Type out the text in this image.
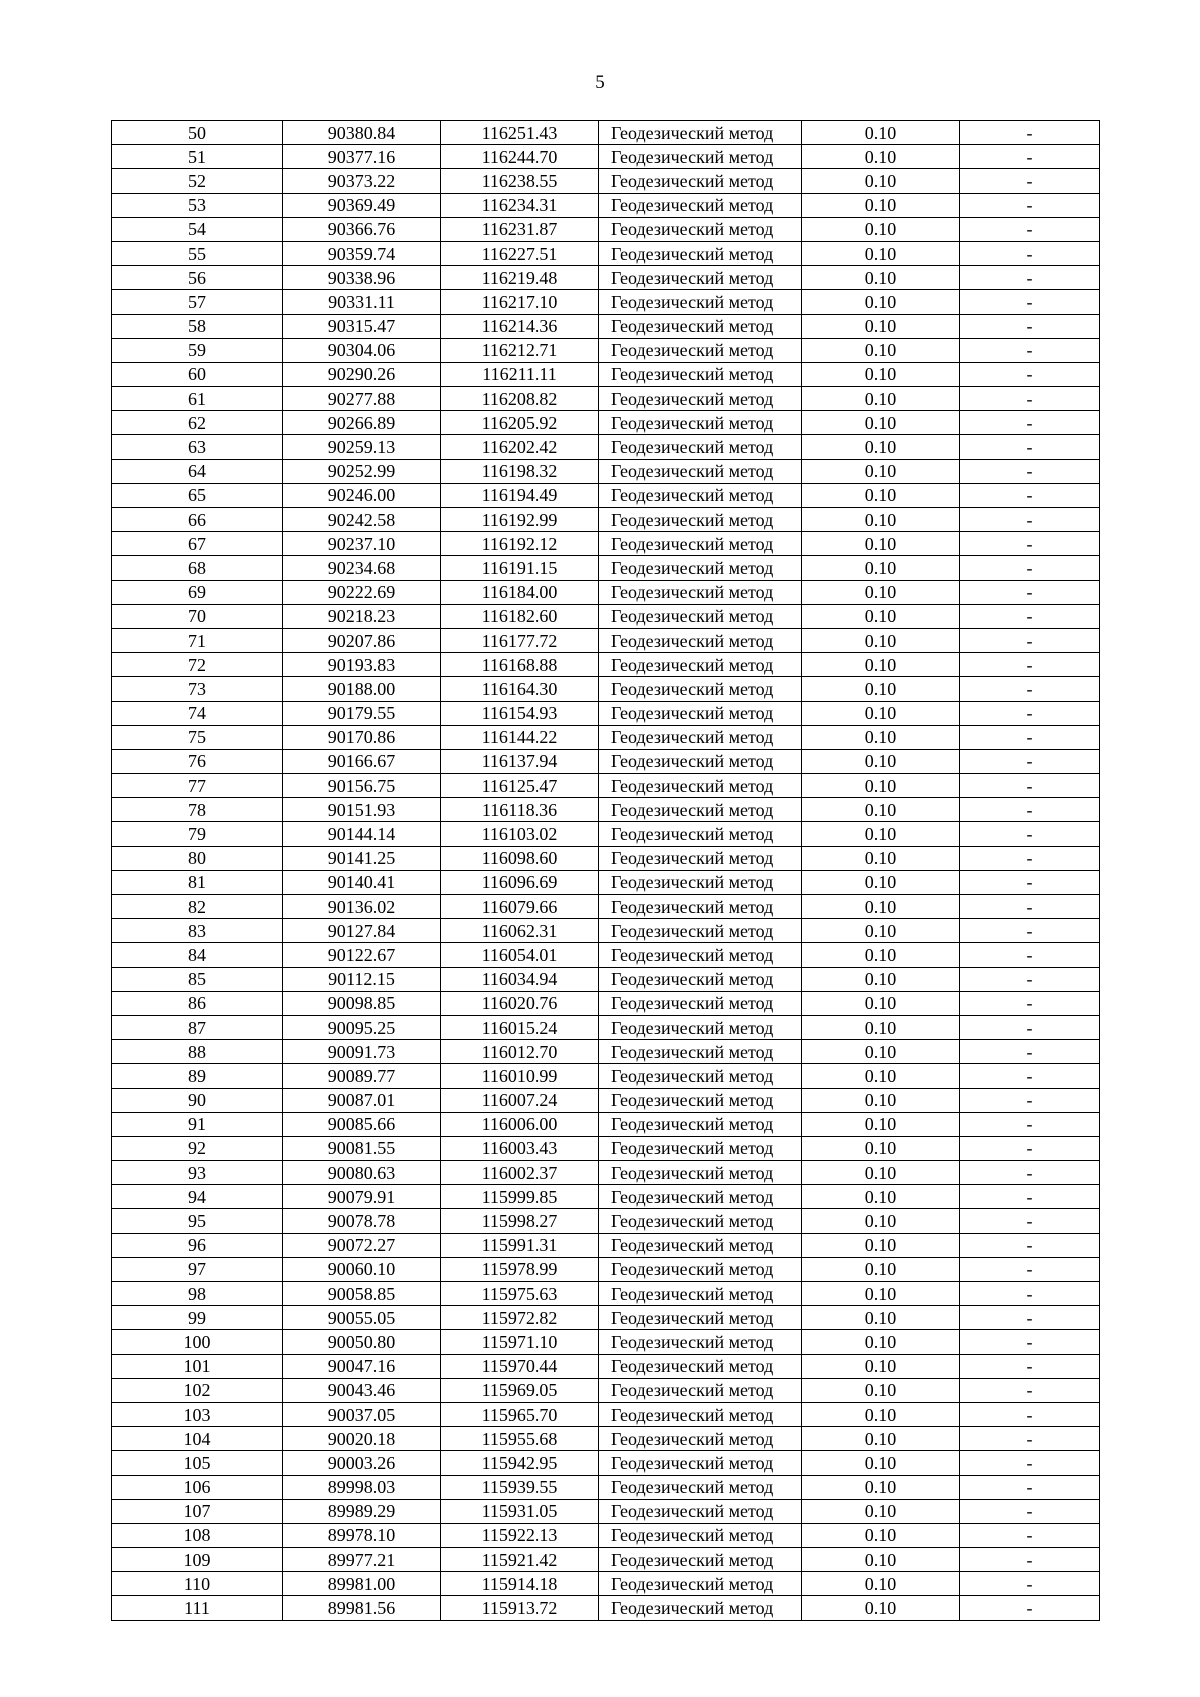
5
50	90380.84	116251.43	Геодезический метод	0.10	-
51	90377.16	116244.70	Геодезический метод	0.10	-
52	90373.22	116238.55	Геодезический метод	0.10	-
53	90369.49	116234.31	Геодезический метод	0.10	-
54	90366.76	116231.87	Геодезический метод	0.10	-
55	90359.74	116227.51	Геодезический метод	0.10	-
56	90338.96	116219.48	Геодезический метод	0.10	-
57	90331.11	116217.10	Геодезический метод	0.10	-
58	90315.47	116214.36	Геодезический метод	0.10	-
59	90304.06	116212.71	Геодезический метод	0.10	-
60	90290.26	116211.11	Геодезический метод	0.10	-
61	90277.88	116208.82	Геодезический метод	0.10	-
62	90266.89	116205.92	Геодезический метод	0.10	-
63	90259.13	116202.42	Геодезический метод	0.10	-
64	90252.99	116198.32	Геодезический метод	0.10	-
65	90246.00	116194.49	Геодезический метод	0.10	-
66	90242.58	116192.99	Геодезический метод	0.10	-
67	90237.10	116192.12	Геодезический метод	0.10	-
68	90234.68	116191.15	Геодезический метод	0.10	-
69	90222.69	116184.00	Геодезический метод	0.10	-
70	90218.23	116182.60	Геодезический метод	0.10	-
71	90207.86	116177.72	Геодезический метод	0.10	-
72	90193.83	116168.88	Геодезический метод	0.10	-
73	90188.00	116164.30	Геодезический метод	0.10	-
74	90179.55	116154.93	Геодезический метод	0.10	-
75	90170.86	116144.22	Геодезический метод	0.10	-
76	90166.67	116137.94	Геодезический метод	0.10	-
77	90156.75	116125.47	Геодезический метод	0.10	-
78	90151.93	116118.36	Геодезический метод	0.10	-
79	90144.14	116103.02	Геодезический метод	0.10	-
80	90141.25	116098.60	Геодезический метод	0.10	-
81	90140.41	116096.69	Геодезический метод	0.10	-
82	90136.02	116079.66	Геодезический метод	0.10	-
83	90127.84	116062.31	Геодезический метод	0.10	-
84	90122.67	116054.01	Геодезический метод	0.10	-
85	90112.15	116034.94	Геодезический метод	0.10	-
86	90098.85	116020.76	Геодезический метод	0.10	-
87	90095.25	116015.24	Геодезический метод	0.10	-
88	90091.73	116012.70	Геодезический метод	0.10	-
89	90089.77	116010.99	Геодезический метод	0.10	-
90	90087.01	116007.24	Геодезический метод	0.10	-
91	90085.66	116006.00	Геодезический метод	0.10	-
92	90081.55	116003.43	Геодезический метод	0.10	-
93	90080.63	116002.37	Геодезический метод	0.10	-
94	90079.91	115999.85	Геодезический метод	0.10	-
95	90078.78	115998.27	Геодезический метод	0.10	-
96	90072.27	115991.31	Геодезический метод	0.10	-
97	90060.10	115978.99	Геодезический метод	0.10	-
98	90058.85	115975.63	Геодезический метод	0.10	-
99	90055.05	115972.82	Геодезический метод	0.10	-
100	90050.80	115971.10	Геодезический метод	0.10	-
101	90047.16	115970.44	Геодезический метод	0.10	-
102	90043.46	115969.05	Геодезический метод	0.10	-
103	90037.05	115965.70	Геодезический метод	0.10	-
104	90020.18	115955.68	Геодезический метод	0.10	-
105	90003.26	115942.95	Геодезический метод	0.10	-
106	89998.03	115939.55	Геодезический метод	0.10	-
107	89989.29	115931.05	Геодезический метод	0.10	-
108	89978.10	115922.13	Геодезический метод	0.10	-
109	89977.21	115921.42	Геодезический метод	0.10	-
110	89981.00	115914.18	Геодезический метод	0.10	-
111	89981.56	115913.72	Геодезический метод	0.10	-
